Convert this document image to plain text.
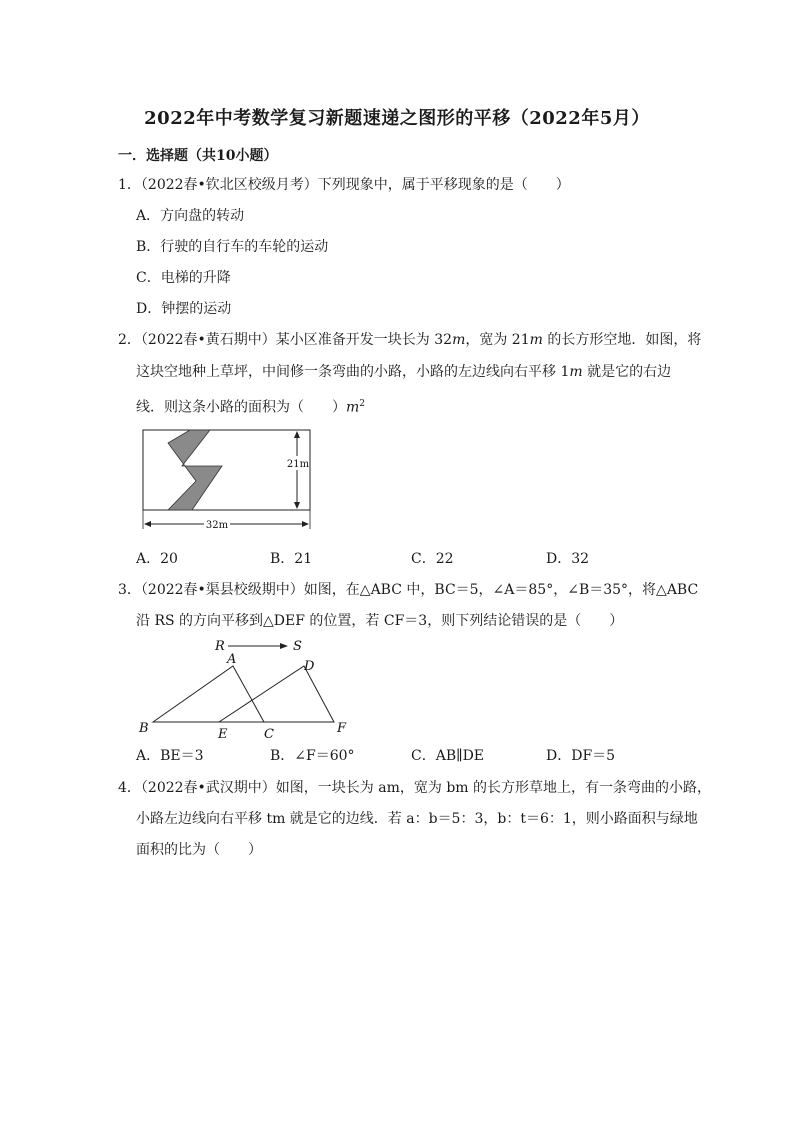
2022年中考数学复习新题速递之图形的平移（2022年5月）
一．选择题（共10小题）
1．（2022春•钦北区校级月考）下列现象中，属于平移现象的是（　　）
A．方向盘的转动
B．行驶的自行车的车轮的运动
C．电梯的升降
D．钟摆的运动
2．（2022春•黄石期中）某小区准备开发一块长为 32m，宽为 21m 的长方形空地．如图，将
这块空地种上草坪，中间修一条弯曲的小路，小路的左边线向右平移 1m 就是它的右边
线．则这条小路的面积为（　　）$m^2$
21m
32m
A．20	B．21	C．22	D．32
3．（2022春•渠县校级期中）如图，在△ABC 中，BC＝5，∠A＝85°，∠B＝35°，将△ABC
沿 RS 的方向平移到△DEF 的位置，若 CF＝3，则下列结论错误的是（　　）
R	S
A	D
B	E	C	F
A．BE＝3	B．∠F＝60°	C．AB∥DE	D．DF＝5
4．（2022春•武汉期中）如图，一块长为 am，宽为 bm 的长方形草地上，有一条弯曲的小路，
小路左边线向右平移 tm 就是它的边线．若 a：b＝5：3，b：t＝6：1，则小路面积与绿地
面积的比为（　　）
